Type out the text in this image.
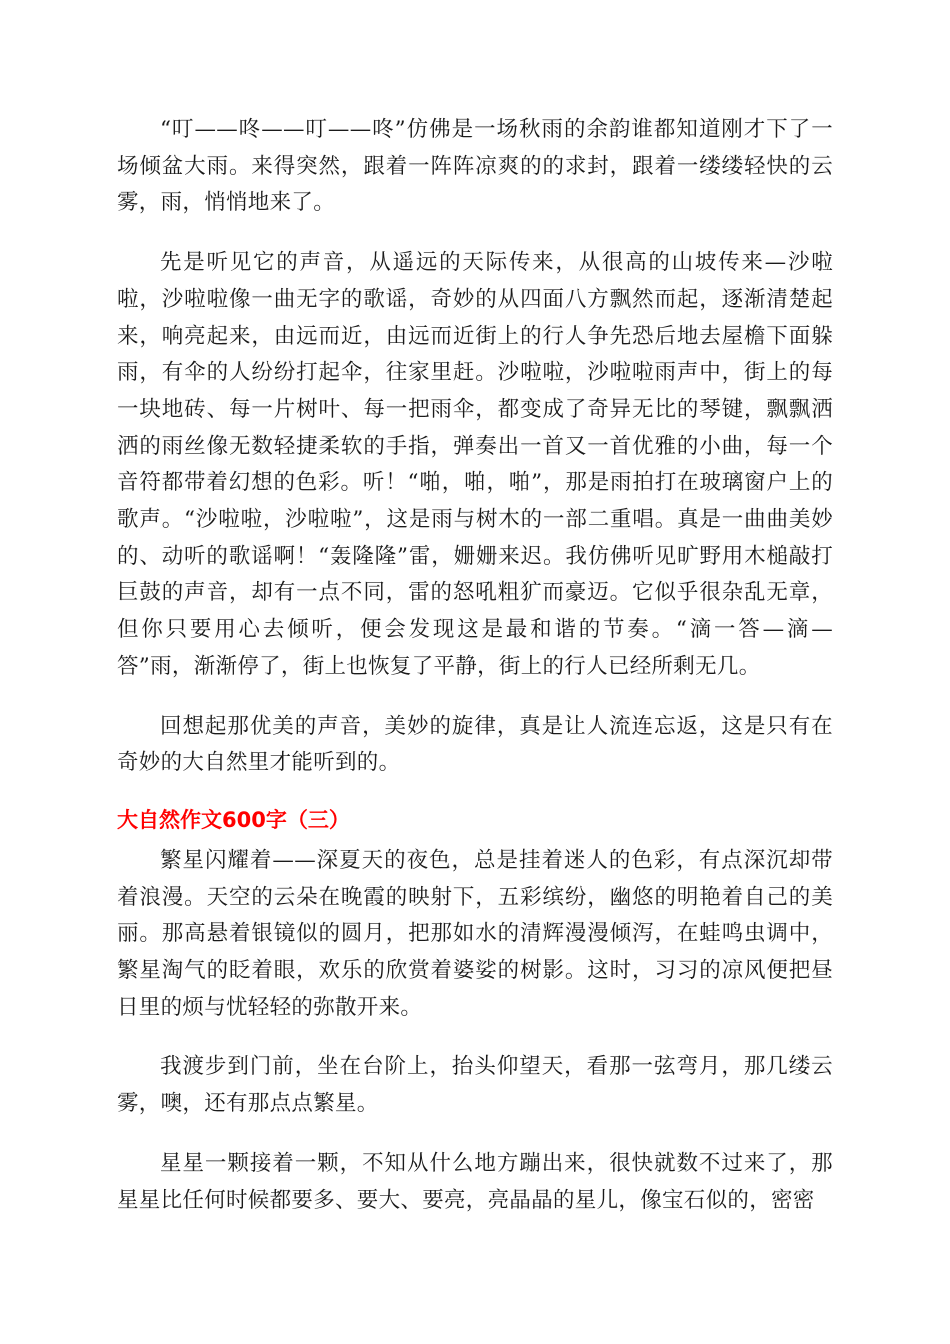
“叮——咚——叮——咚”仿佛是一场秋雨的余韵谁都知道刚才下了一场倾盆大雨。来得突然，跟着一阵阵凉爽的的求封，跟着一缕缕轻快的云雾，雨，悄悄地来了。

先是听见它的声音，从遥远的天际传来，从很高的山坡传来—沙啦啦，沙啦啦像一曲无字的歌谣，奇妙的从四面八方飘然而起，逐渐清楚起来，响亮起来，由远而近，由远而近街上的行人争先恐后地去屋檐下面躲雨，有伞的人纷纷打起伞，往家里赶。沙啦啦，沙啦啦雨声中，街上的每一块地砖、每一片树叶、每一把雨伞，都变成了奇异无比的琴键，飘飘洒洒的雨丝像无数轻捷柔软的手指，弹奏出一首又一首优雅的小曲，每一个音符都带着幻想的色彩。听！“啪，啪，啪”，那是雨拍打在玻璃窗户上的歌声。“沙啦啦，沙啦啦”，这是雨与树木的一部二重唱。真是一曲曲美妙的、动听的歌谣啊！“轰隆隆”雷，姗姗来迟。我仿佛听见旷野用木槌敲打巨鼓的声音，却有一点不同，雷的怒吼粗犷而豪迈。它似乎很杂乱无章，但你只要用心去倾听，便会发现这是最和谐的节奏。“滴一答—滴—答”雨，渐渐停了，街上也恢复了平静，街上的行人已经所剩无几。

回想起那优美的声音，美妙的旋律，真是让人流连忘返，这是只有在奇妙的大自然里才能听到的。

大自然作文600字（三）

繁星闪耀着——深夏天的夜色，总是挂着迷人的色彩，有点深沉却带着浪漫。天空的云朵在晚霞的映射下，五彩缤纷，幽悠的明艳着自己的美丽。那高悬着银镜似的圆月，把那如水的清辉漫漫倾泻，在蛙鸣虫调中，繁星淘气的眨着眼，欢乐的欣赏着婆娑的树影。这时，习习的凉风便把昼日里的烦与忧轻轻的弥散开来。

我渡步到门前，坐在台阶上，抬头仰望天，看那一弦弯月，那几缕云雾，噢，还有那点点繁星。

星星一颗接着一颗，不知从什么地方蹦出来，很快就数不过来了，那星星比任何时候都要多、要大、要亮，亮晶晶的星儿，像宝石似的，密密
